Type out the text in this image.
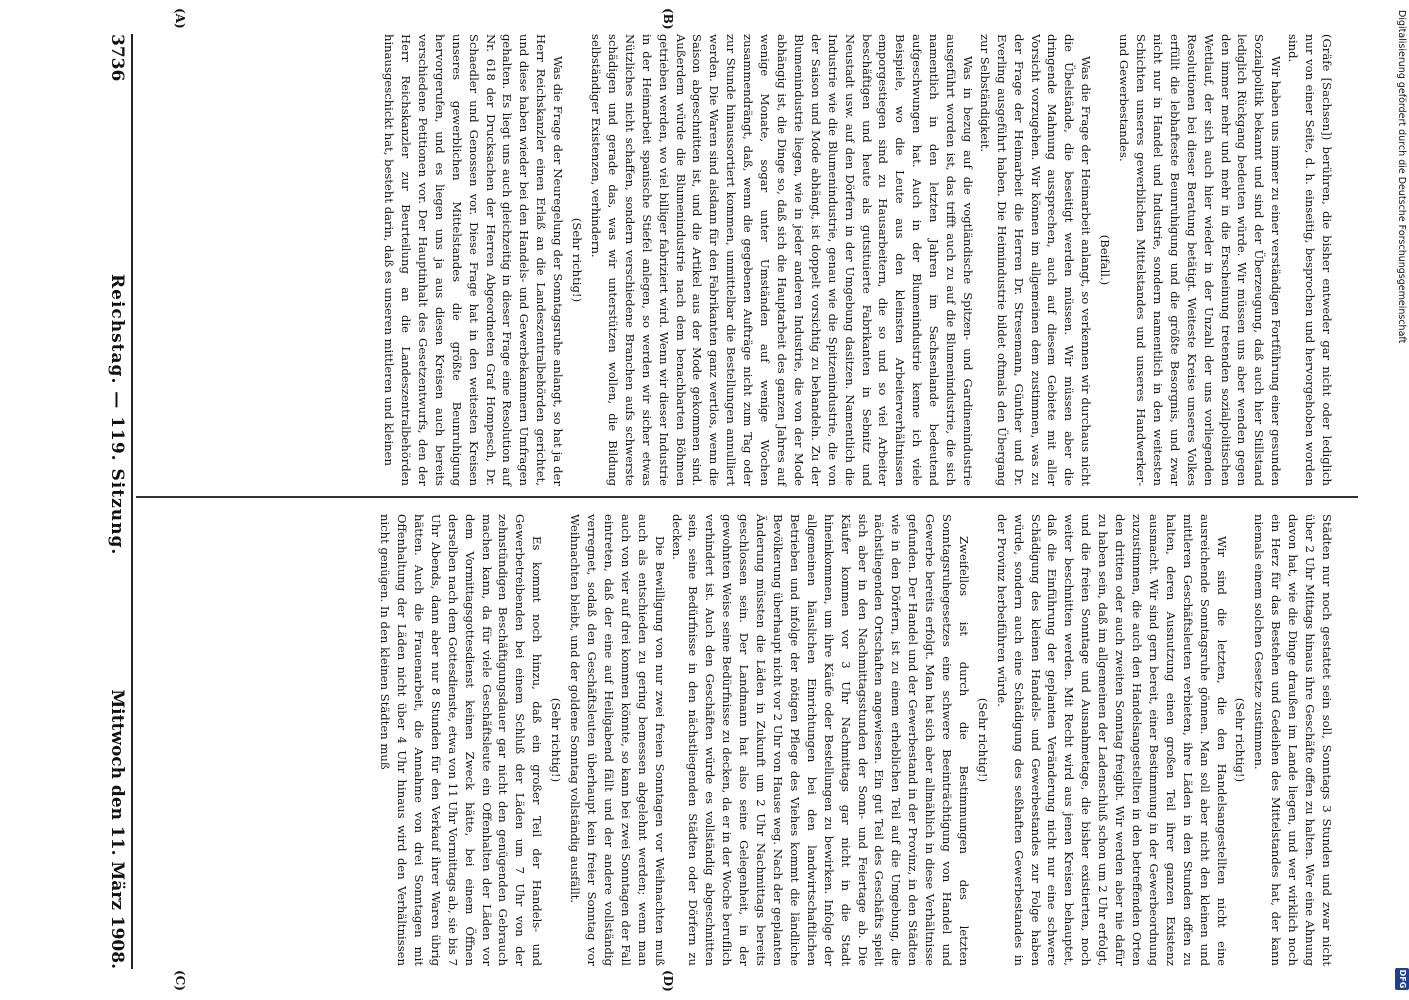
3736
Reichstag. — 119. Sitzung.
Mittwoch den 11. März 1908.
(A)	(B)
(C)	(D)

(Gräfe [Sachsen]) berühren, die bisher entweder gar nicht oder lediglich nur von einer Seite, d. h. einseitig, besprochen und hervorgehoben worden sind.

Wir haben uns immer zu einer verständigen Fortführung einer gesunden Sozialpolitik bekannt und sind der Überzeugung, daß auch hier Stillstand lediglich Rückgang bedeuten würde. Wir müssen uns aber wenden gegen den immer mehr und mehr in die Erscheinung tretenden sozialpolitischen Wettlauf, der sich auch hier wieder in der Unzahl der uns vorliegenden Resolutionen bei dieser Beratung betätigt. Weiteste Kreise unseres Volkes erfüllt die lebhafteste Beunruhigung und die größte Besorgnis, und zwar nicht nur in Handel und Industrie, sondern namentlich in den weitesten Schichten unseres gewerblichen Mittelstandes und unseres Handwerker- und Gewerbestandes.

(Beifall.)

Was die Frage der Heimarbeit anlangt, so verkennen wir durchaus nicht die Übelstände, die beseitigt werden müssen. Wir müssen aber die dringende Mahnung aussprechen, auch auf diesem Gebiete mit aller Vorsicht vorzugehen. Wir können im allgemeinen dem zustimmen, was zu der Frage der Heimarbeit die Herren Dr. Stresemann, Günther und Dr. Everling ausgeführt haben. Die Heimindustrie bildet oftmals den Übergang zur Selbständigkeit.

Was in bezug auf die vogtländische Spitzen- und Gardinenindustrie ausgeführt worden ist, das trifft auch zu auf die Blumenindustrie, die sich namentlich in den letzten Jahren im Sachsenlande bedeutend aufgeschwungen hat. Auch in der Blumenindustrie kenne ich viele Beispiele, wo die Leute aus den kleinsten Arbeiterverhältnissen emporgestiegen sind zu Hausarbeitern, die so und so viel Arbeiter beschäftigen und heute als gutsituierte Fabrikanten in Sebnitz und Neustadt usw. auf den Dörfern in der Umgebung dasitzen. Namentlich die Industrie wie die Blumenindustrie, genau wie die Spitzenindustrie, die von der Saison und Mode abhängt, ist doppelt vorsichtig zu behandeln. Zu der Blumenindustrie liegen, wie in jeder anderen Industrie, die von der Mode abhängig ist, die Dinge so, daß sich die Hauptarbeit des ganzen Jahres auf wenige Monate, sogar unter Umständen auf wenige Wochen zusammendrängt, daß, wenn die gegebenen Aufträge nicht zum Tag oder zur Stunde hinaussortiert kommen, unmittelbar die Bestellungen annulliert werden. Die Waren sind alsdann für den Fabrikanten ganz wertlos, wenn die Saison abgeschnitten ist, und die Artikel aus der Mode gekommen sind. Außerdem würde die Blumenindustrie nach dem benachbarten Böhmen getrieben werden, wo viel billiger fabriziert wird. Wenn wir dieser Industrie in der Heimarbeit spanische Stiefel anlegen, so werden wir sicher etwas Nützliches nicht schaffen, sondern verschiedene Branchen aufs schwerste schädigen und gerade das, was wir unterstützen wollen, die Bildung selbständiger Existenzen, verhindern.

(Sehr richtig!)

Was die Frage der Neuregelung der Sonntagsruhe anlangt, so hat ja der Herr Reichskanzler einen Erlaß an die Landeszentralbehörden gerichtet, und diese haben wieder bei den Handels- und Gewerbekammern Umfragen gehalten. Es liegt uns auch gleichzeitig in dieser Frage eine Resolution auf Nr. 618 der Drucksachen der Herren Abgeordneten Graf Hompesch, Dr. Schaedler und Genossen vor. Diese Frage hat in den weitesten Kreisen unseres gewerblichen Mittelstandes die größte Beunruhigung hervorgerufen, und es liegen uns ja aus diesen Kreisen auch bereits verschiedene Petitionen vor. Der Hauptinhalt des Gesetzentwurfs, den der Herr Reichskanzler zur Beurteilung an die Landeszentralbehörden hinausgeschickt hat, besteht darin, daß es unseren mittleren und kleinen

Städten nur noch gestattet sein soll, Sonntags 3 Stunden und zwar nicht über 2 Uhr Mittags hinaus ihre Geschäfte offen zu halten. Wer eine Ahnung davon hat, wie die Dinge draußen im Lande liegen, und wer wirklich noch ein Herz für das Bestehen und Gedeihen des Mittelstandes hat, der kann niemals einem solchen Gesetze zustimmen.

(Sehr richtig!)

Wir sind die letzten, die den Handelsangestellten nicht eine ausreichende Sonntagsruhe gönnen. Man soll aber nicht den kleinen und mittleren Geschäftsleuten verbieten, ihre Läden in den Stunden offen zu halten, deren Ausnutzung einen großen Teil ihrer ganzen Existenz ausmacht. Wir sind gern bereit, einer Bestimmung in der Gewerbeordnung zuzustimmen, die auch den Handelsangestellten in den betreffenden Orten den dritten oder auch zweiten Sonntag freigibt. Wir werden aber nie dafür zu haben sein, daß im allgemeinen der Ladenschluß schon um 2 Uhr erfolgt, und die freien Sonntage und Ausnahmetage, die bisher existierten, noch weiter beschnitten werden. Mit Recht wird aus jenen Kreisen behauptet, daß die Einführung der geplanten Veränderung nicht nur eine schwere Schädigung des kleinen Handels- und Gewerbestandes zur Folge haben würde, sondern auch eine Schädigung des seßhaften Gewerbestandes in der Provinz herbeiführen würde.

(Sehr richtig!)

Zweifellos ist durch die Bestimmungen des letzten Sonntagsruhegesetzes eine schwere Beeinträchtigung von Handel und Gewerbe bereits erfolgt. Man hat sich aber allmählich in diese Verhältnisse gefunden. Der Handel und der Gewerbestand in der Provinz, in den Städten wie in den Dörfern, ist zu einem erheblichen Teil auf die Umgebung, die nächstliegenden Ortschaften angewiesen. Ein gut Teil des Geschäfts spielt sich aber in den Nachmittagsstunden der Sonn- und Feiertage ab. Die Käufer kommen vor 3 Uhr Nachmittags gar nicht in die Stadt hineinkommen, um ihre Käufe oder Bestellungen zu bewirken. Infolge der allgemeinen häuslichen Einrichtungen bei den landwirtschaftlichen Betrieben und infolge der nötigen Pflege des Viehes kommt die ländliche Bevölkerung überhaupt nicht vor 2 Uhr von Hause weg. Nach der geplanten Änderung müssten die Läden in Zukunft um 2 Uhr Nachmittags bereits geschlossen sein. Der Landmann hat also seine Gelegenheit, in der gewohnten Weise seine Bedürfnisse zu decken, da er in der Woche beruflich verhindert ist. Auch den Geschäften würde es vollständig abgeschnitten sein, seine Bedürfnisse in den nächstliegenden Städten oder Dörfern zu decken.

Die Bewilligung von nur zwei freien Sonntagen vor Weihnachten muß auch als entschieden zu gering bemessen abgelehnt werden; wenn man auch von vier auf drei kommen könnte, so kann bei zwei Sonntagen der Fall eintreten, daß der eine auf Heiligabend fällt und der andere vollständig verregnet, sodaß den Geschäftsleuten überhaupt kein freier Sonntag vor Weihnachten bleibt, und der goldene Sonntag vollständig ausfällt.

(Sehr richtig!)

Es kommt noch hinzu, daß ein großer Teil der Handels- und Gewerbetreibenden bei einem Schluß der Läden um 7 Uhr von der zehnstündigen Beschäftigungsdauer gar nicht den genügenden Gebrauch machen kann, da für viele Geschäftsleute ein Offenhalten der Läden vor dem Vormittagsgottesdienst keinen Zweck hätte, bei einem Öffnen derselben nach dem Gottesdienste, etwa von 11 Uhr Vormittags ab, sie bis 7 Uhr Abends, dann aber nur 8 Stunden für den Verkauf ihrer Waren übrig hätten. Auch die Frauenarbeit, die Annahme von drei Sonntagen mit Offenhaltung der Läden nicht über 4 Uhr hinaus wird den Verhältnissen nicht genügen. In den kleinen Städten muß

Digitalisierung gefördert durch die Deutsche Forschungsgemeinschaft
DFG
